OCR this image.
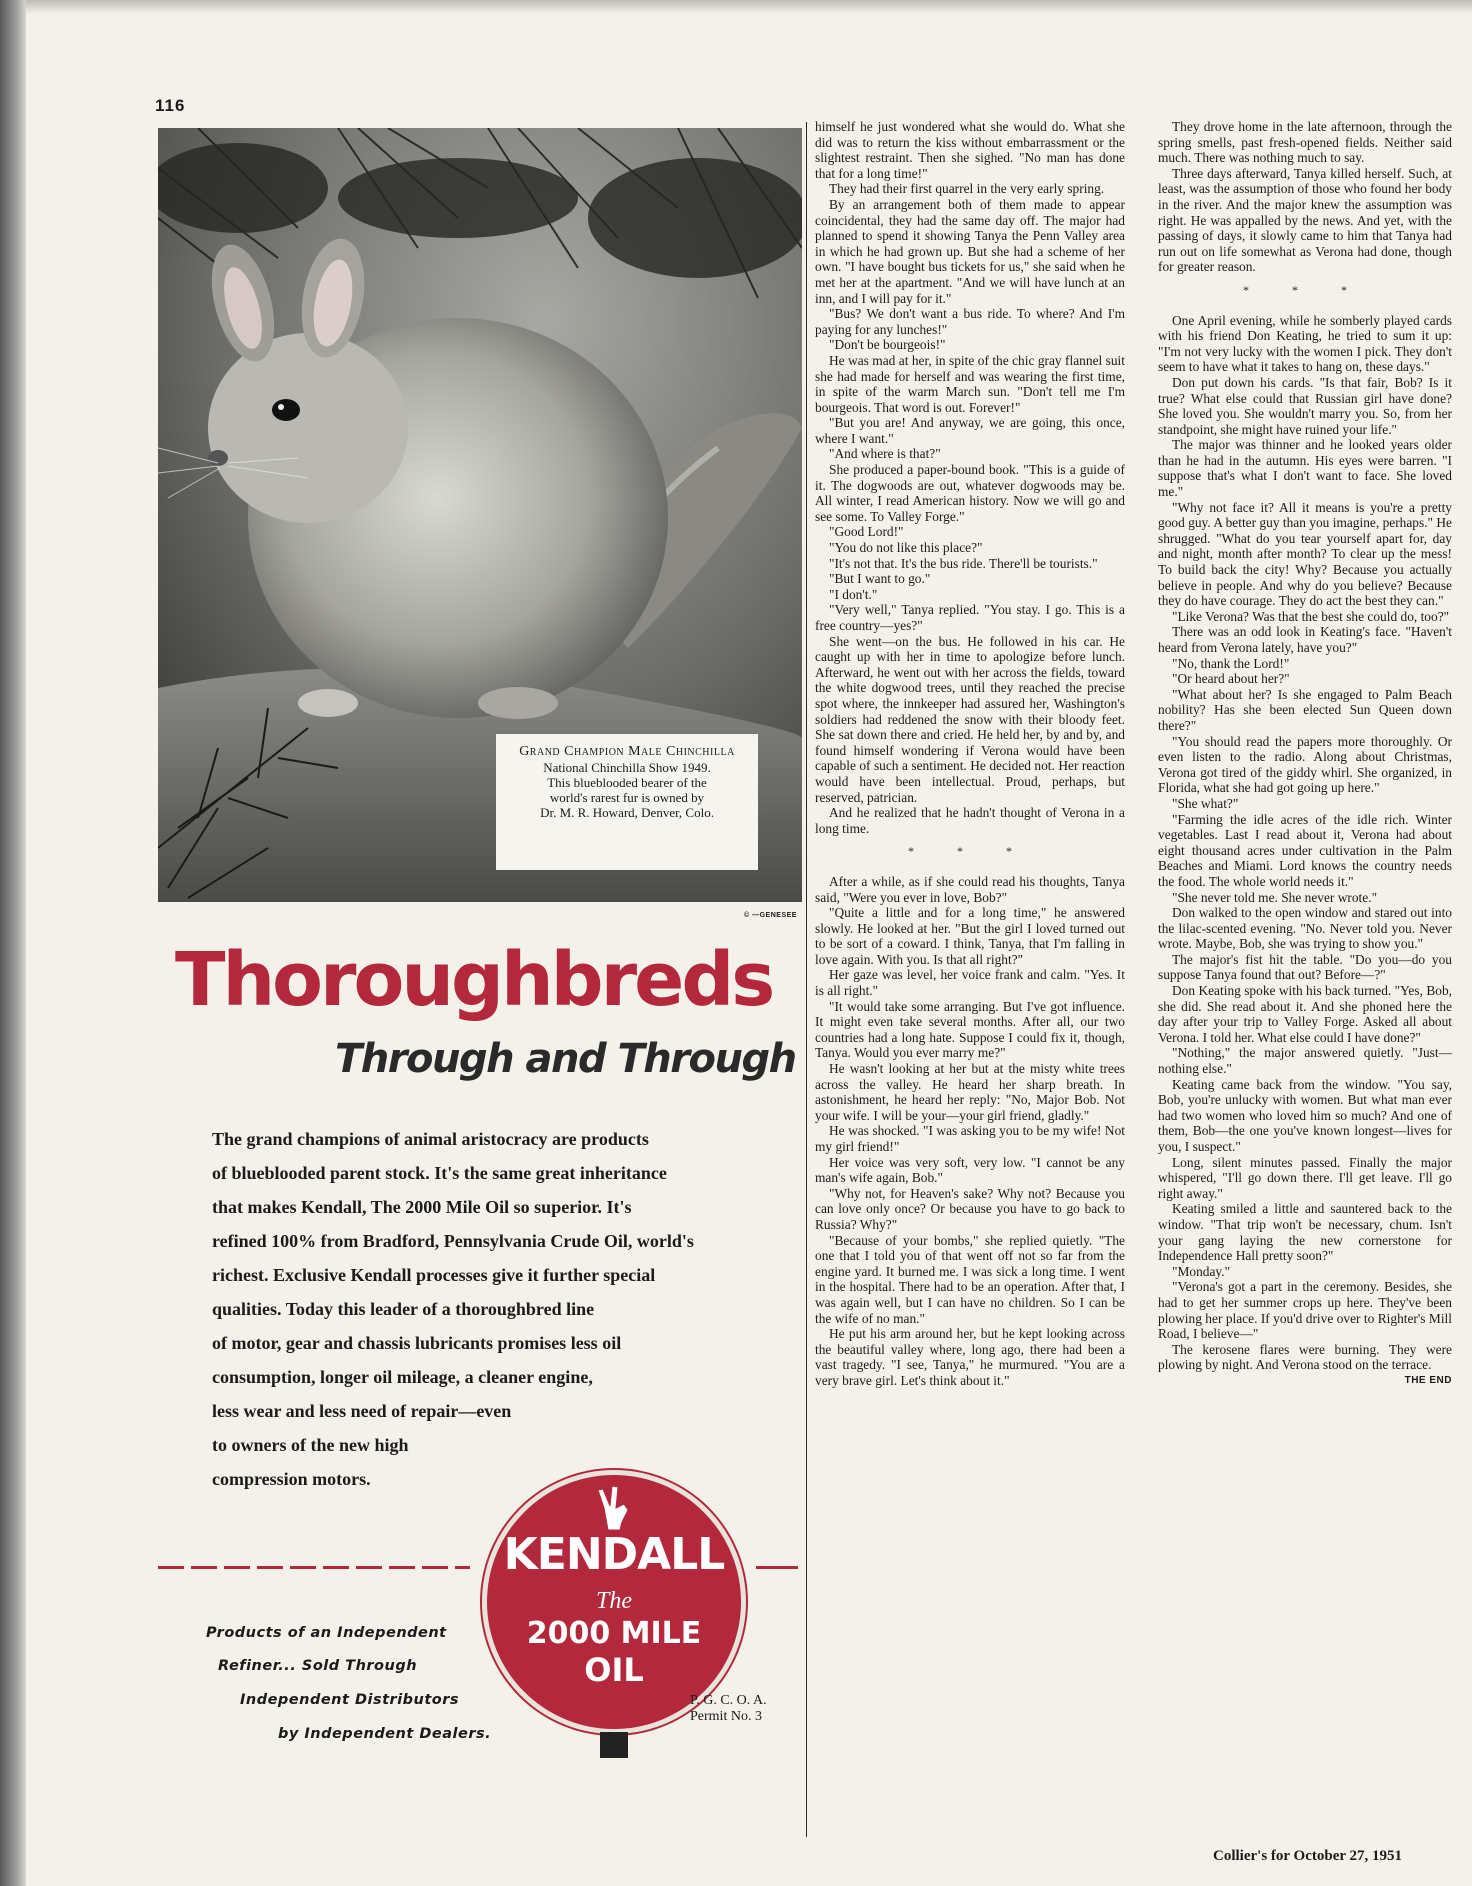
116
Grand Champion Male Chinchilla
National Chinchilla Show 1949.
This blueblooded bearer of the
world's rarest fur is owned by
Dr. M. R. Howard, Denver, Colo.
© —GENESEE
Thoroughbreds
Through and Through
The grand champions of animal aristocracy are products
of blueblooded parent stock. It's the same great inheritance
that makes Kendall, The 2000 Mile Oil so superior. It's
refined 100% from Bradford, Pennsylvania Crude Oil, world's
richest. Exclusive Kendall processes give it further special
qualities. Today this leader of a thoroughbred line
of motor, gear and chassis lubricants promises less oil
consumption, longer oil mileage, a cleaner engine,
less wear and less need of repair—even
to owners of the new high
compression motors.
Products of an Independent
Refiner... Sold Through
Independent Distributors
by Independent Dealers.
KENDALL
The
2000 MILE
OIL
P. G. C. O. A.
Permit No. 3

himself he just wondered what she would do. What she did was to return the kiss without embarrassment or the slightest restraint. Then she sighed. "No man has done that for a long time!"

They had their first quarrel in the very early spring.

By an arrangement both of them made to appear coincidental, they had the same day off. The major had planned to spend it showing Tanya the Penn Valley area in which he had grown up. But she had a scheme of her own. "I have bought bus tickets for us," she said when he met her at the apartment. "And we will have lunch at an inn, and I will pay for it."

"Bus? We don't want a bus ride. To where? And I'm paying for any lunches!"

"Don't be bourgeois!"

He was mad at her, in spite of the chic gray flannel suit she had made for herself and was wearing the first time, in spite of the warm March sun. "Don't tell me I'm bourgeois. That word is out. Forever!"

"But you are! And anyway, we are going, this once, where I want."

"And where is that?"

She produced a paper-bound book. "This is a guide of it. The dogwoods are out, whatever dogwoods may be. All winter, I read American history. Now we will go and see some. To Valley Forge."

"Good Lord!"

"You do not like this place?"

"It's not that. It's the bus ride. There'll be tourists."

"But I want to go."

"I don't."

"Very well," Tanya replied. "You stay. I go. This is a free country—yes?"

She went—on the bus. He followed in his car. He caught up with her in time to apologize before lunch. Afterward, he went out with her across the fields, toward the white dogwood trees, until they reached the precise spot where, the innkeeper had assured her, Washington's soldiers had reddened the snow with their bloody feet. She sat down there and cried. He held her, by and by, and found himself wondering if Verona would have been capable of such a sentiment. He decided not. Her reaction would have been intellectual. Proud, perhaps, but reserved, patrician.

And he realized that he hadn't thought of Verona in a long time.

* * *

After a while, as if she could read his thoughts, Tanya said, "Were you ever in love, Bob?"

"Quite a little and for a long time," he answered slowly. He looked at her. "But the girl I loved turned out to be sort of a coward. I think, Tanya, that I'm falling in love again. With you. Is that all right?"

Her gaze was level, her voice frank and calm. "Yes. It is all right."

"It would take some arranging. But I've got influence. It might even take several months. After all, our two countries had a long hate. Suppose I could fix it, though, Tanya. Would you ever marry me?"

He wasn't looking at her but at the misty white trees across the valley. He heard her sharp breath. In astonishment, he heard her reply: "No, Major Bob. Not your wife. I will be your—your girl friend, gladly."

He was shocked. "I was asking you to be my wife! Not my girl friend!"

Her voice was very soft, very low. "I cannot be any man's wife again, Bob."

"Why not, for Heaven's sake? Why not? Because you can love only once? Or because you have to go back to Russia? Why?"

"Because of your bombs," she replied quietly. "The one that I told you of that went off not so far from the engine yard. It burned me. I was sick a long time. I went in the hospital. There had to be an operation. After that, I was again well, but I can have no children. So I can be the wife of no man."

He put his arm around her, but he kept looking across the beautiful valley where, long ago, there had been a vast tragedy. "I see, Tanya," he murmured. "You are a very brave girl. Let's think about it."

They drove home in the late afternoon, through the spring smells, past fresh-opened fields. Neither said much. There was nothing much to say.

Three days afterward, Tanya killed herself. Such, at least, was the assumption of those who found her body in the river. And the major knew the assumption was right. He was appalled by the news. And yet, with the passing of days, it slowly came to him that Tanya had run out on life somewhat as Verona had done, though for greater reason.

* * *

One April evening, while he somberly played cards with his friend Don Keating, he tried to sum it up: "I'm not very lucky with the women I pick. They don't seem to have what it takes to hang on, these days."

Don put down his cards. "Is that fair, Bob? Is it true? What else could that Russian girl have done? She loved you. She wouldn't marry you. So, from her standpoint, she might have ruined your life."

The major was thinner and he looked years older than he had in the autumn. His eyes were barren. "I suppose that's what I don't want to face. She loved me."

"Why not face it? All it means is you're a pretty good guy. A better guy than you imagine, perhaps." He shrugged. "What do you tear yourself apart for, day and night, month after month? To clear up the mess! To build back the city! Why? Because you actually believe in people. And why do you believe? Because they do have courage. They do act the best they can."

"Like Verona? Was that the best she could do, too?"

There was an odd look in Keating's face. "Haven't heard from Verona lately, have you?"

"No, thank the Lord!"

"Or heard about her?"

"What about her? Is she engaged to Palm Beach nobility? Has she been elected Sun Queen down there?"

"You should read the papers more thoroughly. Or even listen to the radio. Along about Christmas, Verona got tired of the giddy whirl. She organized, in Florida, what she had got going up here."

"She what?"

"Farming the idle acres of the idle rich. Winter vegetables. Last I read about it, Verona had about eight thousand acres under cultivation in the Palm Beaches and Miami. Lord knows the country needs the food. The whole world needs it."

"She never told me. She never wrote."

Don walked to the open window and stared out into the lilac-scented evening. "No. Never told you. Never wrote. Maybe, Bob, she was trying to show you."

The major's fist hit the table. "Do you—do you suppose Tanya found that out? Before—?"

Don Keating spoke with his back turned. "Yes, Bob, she did. She read about it. And she phoned here the day after your trip to Valley Forge. Asked all about Verona. I told her. What else could I have done?"

"Nothing," the major answered quietly. "Just—nothing else."

Keating came back from the window. "You say, Bob, you're unlucky with women. But what man ever had two women who loved him so much? And one of them, Bob—the one you've known longest—lives for you, I suspect."

Long, silent minutes passed. Finally the major whispered, "I'll go down there. I'll get leave. I'll go right away."

Keating smiled a little and sauntered back to the window. "That trip won't be necessary, chum. Isn't your gang laying the new cornerstone for Independence Hall pretty soon?"

"Monday."

"Verona's got a part in the ceremony. Besides, she had to get her summer crops up here. They've been plowing her place. If you'd drive over to Righter's Mill Road, I believe—"

The kerosene flares were burning. They were plowing by night. And Verona stood on the terrace.
THE END

Collier's for October 27, 1951
